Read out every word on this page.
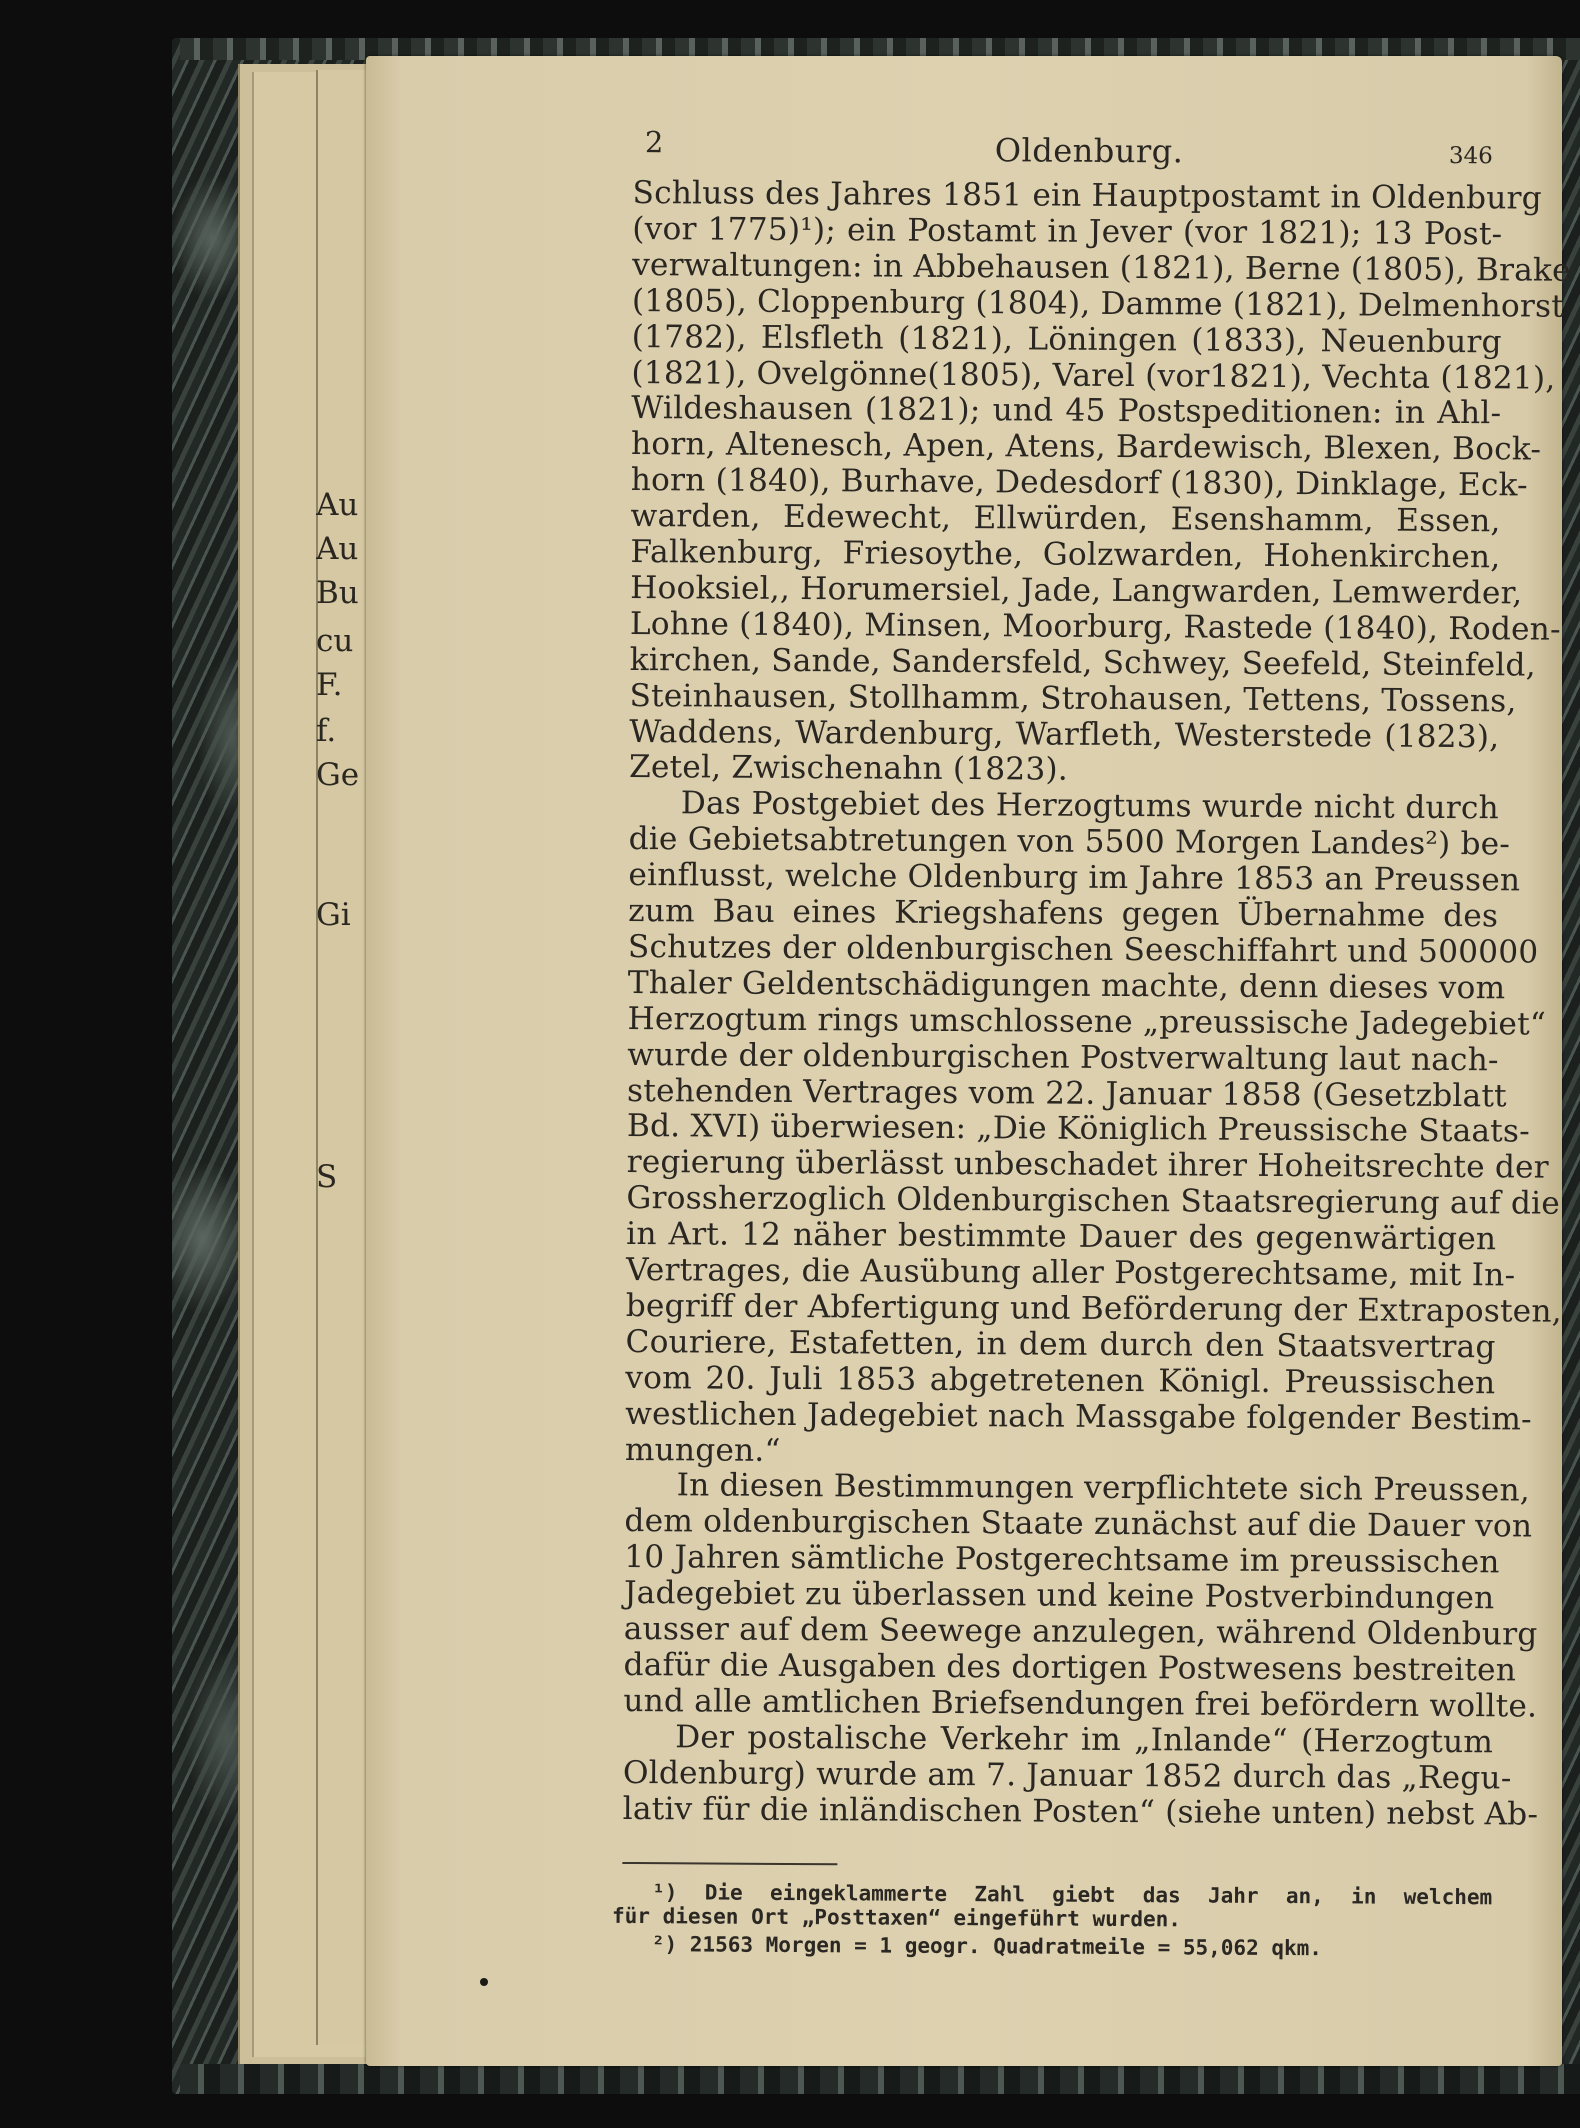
Au
Au
Bu
cu
F.
f.
Ge
Gi
S
2	Oldenburg.	346
Schluss des Jahres 1851 ein Hauptpostamt in Oldenburg
(vor 1775)¹); ein Postamt in Jever (vor 1821); 13 Post-
verwaltungen: in Abbehausen (1821), Berne (1805), Brake
(1805), Cloppenburg (1804), Damme (1821), Delmenhorst
(1782), Elsfleth (1821), Löningen (1833), Neuenburg
(1821), Ovelgönne(1805), Varel (vor1821), Vechta (1821),
Wildeshausen (1821); und 45 Postspeditionen: in Ahl-
horn, Altenesch, Apen, Atens, Bardewisch, Blexen, Bock-
horn (1840), Burhave, Dedesdorf (1830), Dinklage, Eck-
warden, Edewecht, Ellwürden, Esenshamm, Essen,
Falkenburg, Friesoythe, Golzwarden, Hohenkirchen,
Hooksiel,, Horumersiel, Jade, Langwarden, Lemwerder,
Lohne (1840), Minsen, Moorburg, Rastede (1840), Roden-
kirchen, Sande, Sandersfeld, Schwey, Seefeld, Steinfeld,
Steinhausen, Stollhamm, Strohausen, Tettens, Tossens,
Waddens, Wardenburg, Warfleth, Westerstede (1823),
Zetel, Zwischenahn (1823).
Das Postgebiet des Herzogtums wurde nicht durch
die Gebietsabtretungen von 5500 Morgen Landes²) be-
einflusst, welche Oldenburg im Jahre 1853 an Preussen
zum Bau eines Kriegshafens gegen Übernahme des
Schutzes der oldenburgischen Seeschiffahrt und 500000
Thaler Geldentschädigungen machte, denn dieses vom
Herzogtum rings umschlossene „preussische Jadegebiet“
wurde der oldenburgischen Postverwaltung laut nach-
stehenden Vertrages vom 22. Januar 1858 (Gesetzblatt
Bd. XVI) überwiesen: „Die Königlich Preussische Staats-
regierung überlässt unbeschadet ihrer Hoheitsrechte der
Grossherzoglich Oldenburgischen Staatsregierung auf die
in Art. 12 näher bestimmte Dauer des gegenwärtigen
Vertrages, die Ausübung aller Postgerechtsame, mit In-
begriff der Abfertigung und Beförderung der Extraposten,
Couriere, Estafetten, in dem durch den Staatsvertrag
vom 20. Juli 1853 abgetretenen Königl. Preussischen
westlichen Jadegebiet nach Massgabe folgender Bestim-
mungen.“
In diesen Bestimmungen verpflichtete sich Preussen,
dem oldenburgischen Staate zunächst auf die Dauer von
10 Jahren sämtliche Postgerechtsame im preussischen
Jadegebiet zu überlassen und keine Postverbindungen
ausser auf dem Seewege anzulegen, während Oldenburg
dafür die Ausgaben des dortigen Postwesens bestreiten
und alle amtlichen Briefsendungen frei befördern wollte.
Der postalische Verkehr im „Inlande“ (Herzogtum
Oldenburg) wurde am 7. Januar 1852 durch das „Regu-
lativ für die inländischen Posten“ (siehe unten) nebst Ab-
¹) Die eingeklammerte Zahl giebt das Jahr an, in welchem
für diesen Ort „Posttaxen“ eingeführt wurden.
²) 21563 Morgen = 1 geogr. Quadratmeile = 55,062 qkm.
